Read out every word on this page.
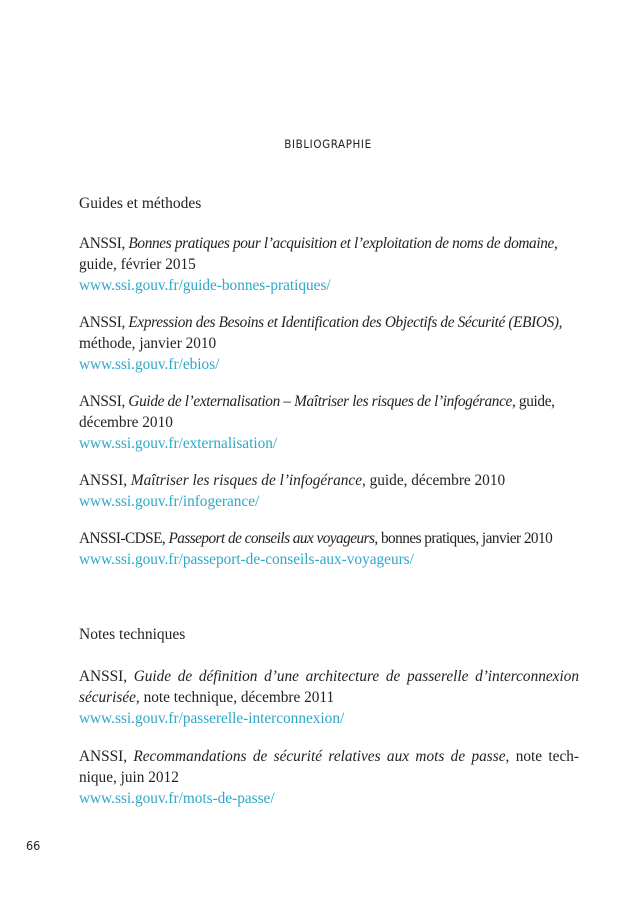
BIBLIOGRAPHIE
Guides et méthodes
ANSSI, Bonnes pratiques pour l’acquisition et l’exploitation de noms de domaine,
guide, février 2015
www.ssi.gouv.fr/guide-bonnes-pratiques/
ANSSI, Expression des Besoins et Identification des Objectifs de Sécurité (EBIOS),
méthode, janvier 2010
www.ssi.gouv.fr/ebios/
ANSSI, Guide de l’externalisation – Maîtriser les risques de l’infogérance, guide,
décembre 2010
www.ssi.gouv.fr/externalisation/
ANSSI, Maîtriser les risques de l’infogérance, guide, décembre 2010
www.ssi.gouv.fr/infogerance/
ANSSI-CDSE, Passeport de conseils aux voyageurs, bonnes pratiques, janvier 2010
www.ssi.gouv.fr/passeport-de-conseils-aux-voyageurs/
Notes techniques
ANSSI, Guide de définition d’une architecture de passerelle d’interconnexion
sécurisée, note technique, décembre 2011
www.ssi.gouv.fr/passerelle-interconnexion/
ANSSI, Recommandations de sécurité relatives aux mots de passe, note tech-
nique, juin 2012
www.ssi.gouv.fr/mots-de-passe/
66
